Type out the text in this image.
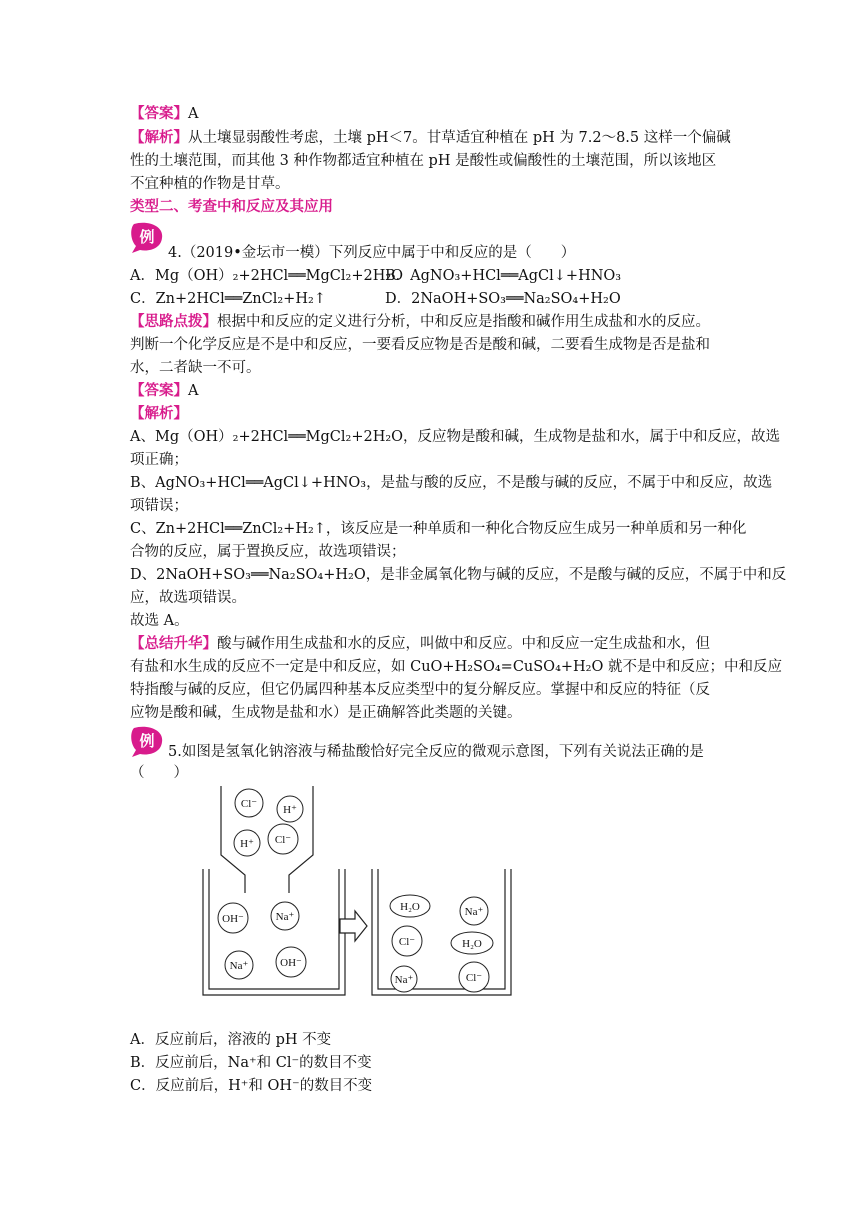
【答案】A
【解析】从土壤显弱酸性考虑，土壤 pH＜7。甘草适宜种植在 pH 为 7.2～8.5 这样一个偏碱
性的土壤范围，而其他 3 种作物都适宜种植在 pH 是酸性或偏酸性的土壤范围，所以该地区
不宜种植的作物是甘草。
类型二、考查中和反应及其应用
例
4.（2019•金坛市一模）下列反应中属于中和反应的是（　　）
A．Mg（OH）₂+2HCl══MgCl₂+2H₂O
B．AgNO₃+HCl══AgCl↓+HNO₃
C．Zn+2HCl══ZnCl₂+H₂↑	D．2NaOH+SO₃══Na₂SO₄+H₂O
【思路点拨】根据中和反应的定义进行分析，中和反应是指酸和碱作用生成盐和水的反应。
判断一个化学反应是不是中和反应，一要看反应物是否是酸和碱，二要看生成物是否是盐和
水，二者缺一不可。
【答案】A
【解析】
A、Mg（OH）₂+2HCl══MgCl₂+2H₂O，反应物是酸和碱，生成物是盐和水，属于中和反应，故选
项正确；
B、AgNO₃+HCl══AgCl↓+HNO₃，是盐与酸的反应，不是酸与碱的反应，不属于中和反应，故选
项错误；
C、Zn+2HCl══ZnCl₂+H₂↑，该反应是一种单质和一种化合物反应生成另一种单质和另一种化
合物的反应，属于置换反应，故选项错误；
D、2NaOH+SO₃══Na₂SO₄+H₂O，是非金属氧化物与碱的反应，不是酸与碱的反应，不属于中和反
应，故选项错误。
故选 A。
【总结升华】酸与碱作用生成盐和水的反应，叫做中和反应。中和反应一定生成盐和水，但
有盐和水生成的反应不一定是中和反应，如 CuO+H₂SO₄=CuSO₄+H₂O 就不是中和反应；中和反应
特指酸与碱的反应，但它仍属四种基本反应类型中的复分解反应。掌握中和反应的特征（反
应物是酸和碱，生成物是盐和水）是正确解答此类题的关键。
例
5.如图是氢氧化钠溶液与稀盐酸恰好完全反应的微观示意图，下列有关说法正确的是
（　　）
Cl⁻ H⁺
H⁺ Cl⁻
OH⁻	Na⁺
Na⁺	OH⁻
H₂O	Na⁺
Cl⁻	H₂O
Na⁺	Cl⁻
A．反应前后，溶液的 pH 不变
B．反应前后，Na⁺和 Cl⁻的数目不变
C．反应前后，H⁺和 OH⁻的数目不变
